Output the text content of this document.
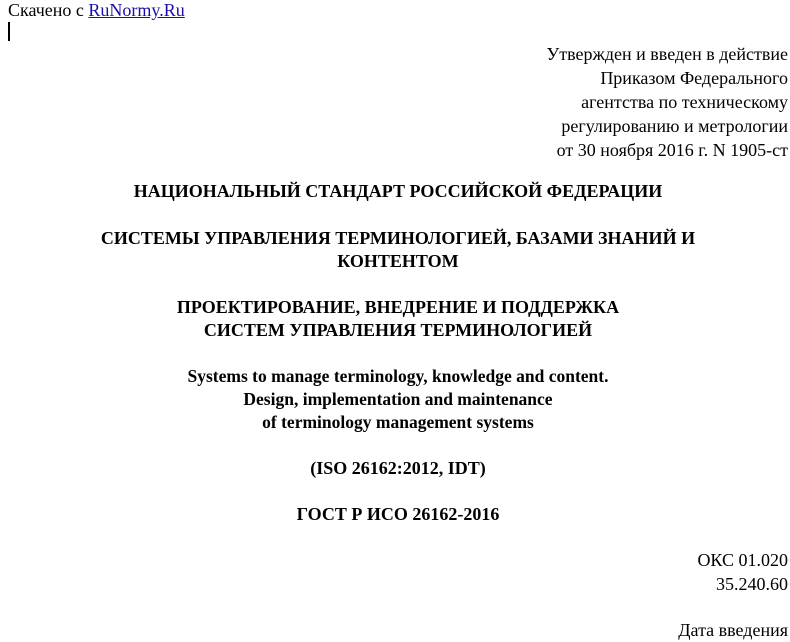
Скачено с RuNormy.Ru
Утвержден и введен в действие
Приказом Федерального
агентства по техническому
регулированию и метрологии
от 30 ноября 2016 г. N 1905-ст
НАЦИОНАЛЬНЫЙ СТАНДАРТ РОССИЙСКОЙ ФЕДЕРАЦИИ
СИСТЕМЫ УПРАВЛЕНИЯ ТЕРМИНОЛОГИЕЙ, БАЗАМИ ЗНАНИЙ И
КОНТЕНТОМ
ПРОЕКТИРОВАНИЕ, ВНЕДРЕНИЕ И ПОДДЕРЖКА
СИСТЕМ УПРАВЛЕНИЯ ТЕРМИНОЛОГИЕЙ
Systems to manage terminology, knowledge and content.
Design, implementation and maintenance
of terminology management systems
(ISO 26162:2012, IDT)
ГОСТ Р ИСО 26162-2016
ОКС 01.020
35.240.60
Дата введения
